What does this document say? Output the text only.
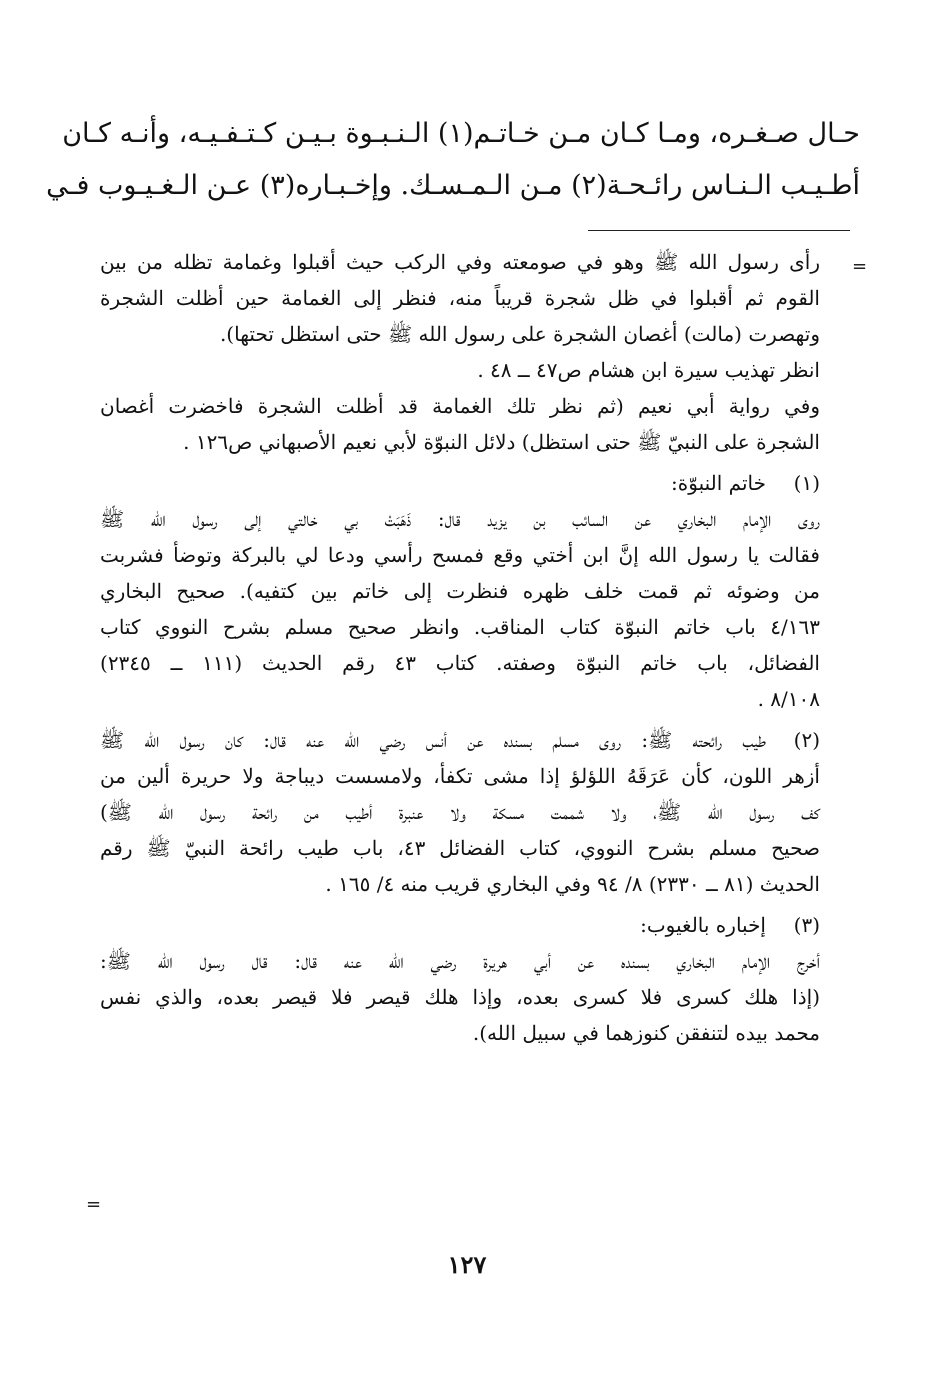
حـال صـغـره، ومـا كـان مـن خـاتـم(١) الـنـبـوة بـيـن كـتـفـيـه، وأنـه كـان
أطـيـب الـنـاس رائـحـة(٢) مـن الـمـسـك. وإخـبـاره(٣) عـن الـغـيـوب فـي
=
رأى رسول الله ﷺ وهو في صومعته وفي الركب حيث أقبلوا وغمامة تظله من بين
القوم ثم أقبلوا في ظل شجرة قريباً منه، فنظر إلى الغمامة حين أظلت الشجرة
وتهصرت (مالت) أغصان الشجرة على رسول الله ﷺ حتى استظل تحتها).
انظر تهذيب سيرة ابن هشام ص٤٧ ــ ٤٨ .
وفي رواية أبي نعيم (ثم نظر تلك الغمامة قد أظلت الشجرة فاخضرت أغصان
الشجرة على النبيّ ﷺ حتى استظل) دلائل النبوّة لأبي نعيم الأصبهاني ص١٢٦ .
(١)خاتم النبوّة:
روى الإمام البخاري عن السائب بن يزيد قال: ذَهَبَتْ بي خالتي إلى رسول الله ﷺ
فقالت يا رسول الله إنَّ ابن أختي وقع فمسح رأسي ودعا لي بالبركة وتوضأ فشربت
من وضوئه ثم قمت خلف ظهره فنظرت إلى خاتم بين كتفيه). صحيح البخاري
٤/١٦٣ باب خاتم النبوّة كتاب المناقب. وانظر صحيح مسلم بشرح النووي كتاب
الفضائل، باب خاتم النبوّة وصفته. كتاب ٤٣ رقم الحديث (١١١ ــ ٢٣٤٥)
٨/١٠٨ .
(٢)طيب رائحته ﷺ: روى مسلم بسنده عن أنس رضي الله عنه قال: كان رسول الله ﷺ
أزهر اللون، كأن عَرَقَهُ اللؤلؤ إذا مشى تكفأ، ولامسست ديباجة ولا حريرة ألين من
كف رسول الله ﷺ، ولا شممت مسكة ولا عنبرة أطيب من رائحة رسول الله ﷺ)
صحيح مسلم بشرح النووي، كتاب الفضائل ٤٣، باب طيب رائحة النبيّ ﷺ رقم
الحديث (٨١ ــ ٢٣٣٠) ٨/ ٩٤ وفي البخاري قريب منه ٤/ ١٦٥ .
(٣)إخباره بالغيوب:
أخرج الإمام البخاري بسنده عن أبي هريرة رضي الله عنه قال: قال رسول الله ﷺ:
(إذا هلك كسرى فلا كسرى بعده، وإذا هلك قيصر فلا قيصر بعده، والذي نفس
محمد بيده لتنفقن كنوزهما في سبيل الله).
=
١٢٧
